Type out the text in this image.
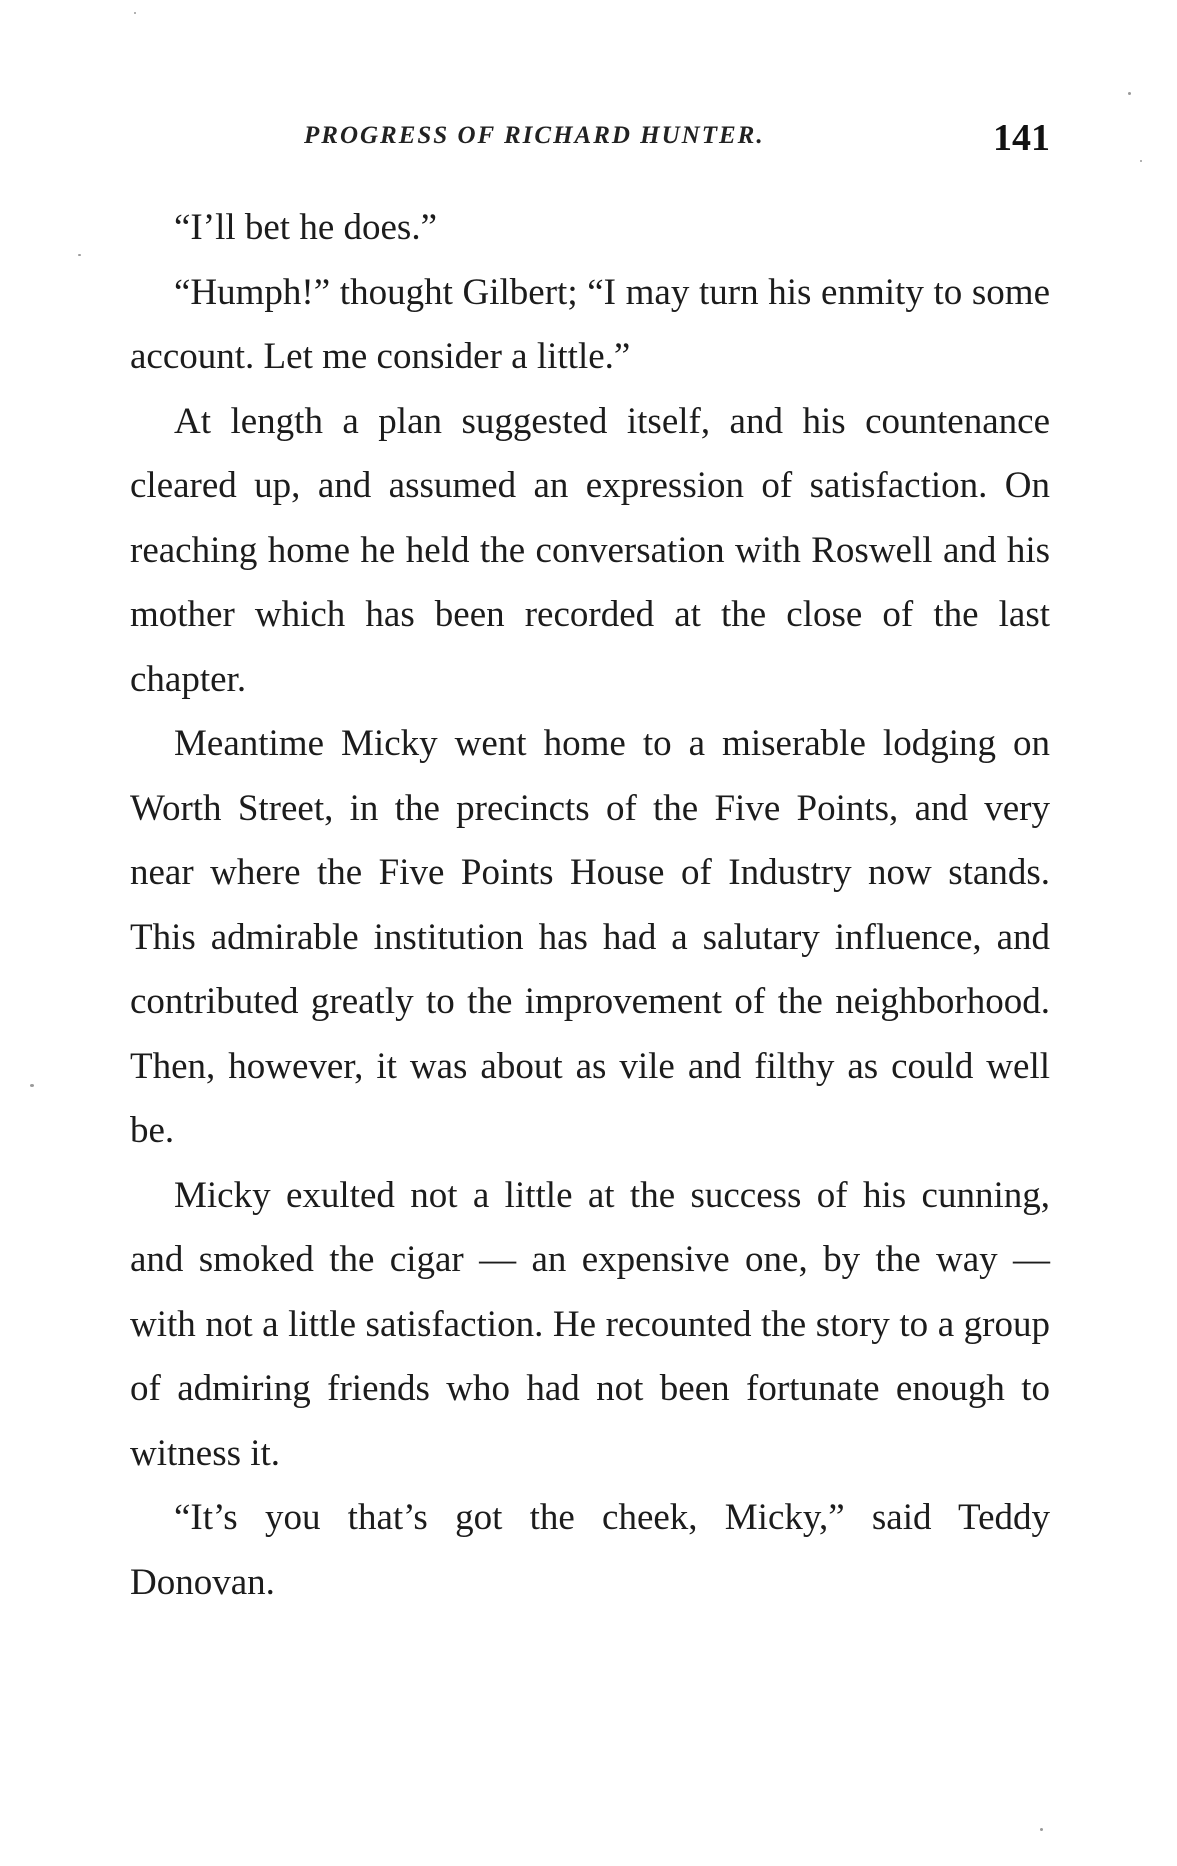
PROGRESS OF RICHARD HUNTER.	141

“I’ll bet he does.”

“Humph!” thought Gilbert; “I may turn his enmity to some account. Let me consider a little.”

At length a plan suggested itself, and his countenance cleared up, and assumed an expression of satisfaction. On reaching home he held the conversation with Roswell and his mother which has been recorded at the close of the last chapter.

Meantime Micky went home to a miserable lodging on Worth Street, in the precincts of the Five Points, and very near where the Five Points House of Industry now stands. This admirable institution has had a salutary influence, and contributed greatly to the improvement of the neighborhood. Then, however, it was about as vile and filthy as could well be.

Micky exulted not a little at the success of his cunning, and smoked the cigar — an expensive one, by the way — with not a little satisfaction. He recounted the story to a group of admiring friends who had not been fortunate enough to witness it.

“It’s you that’s got the cheek, Micky,” said Teddy Donovan.
